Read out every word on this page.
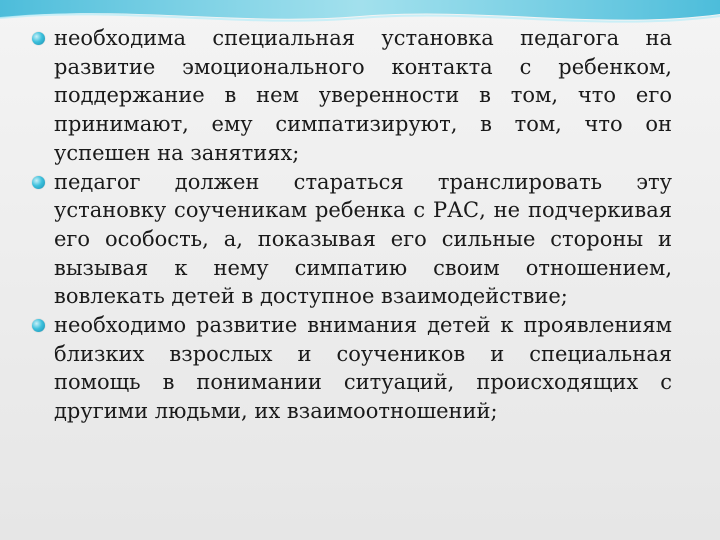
необходима специальная установка педагога на развитие эмоционального контакта с ребенком, поддержание в нем уверенности в том, что его принимают, ему симпатизируют, в том, что он успешен на занятиях;
педагог должен стараться транслировать эту установку соученикам ребенка с РАС, не подчеркивая его особость, а, показывая его сильные стороны и вызывая к нему симпатию своим отношением, вовлекать детей в доступное взаимодействие;
необходимо развитие внимания детей к проявлениям близких взрослых и соучеников и специальная помощь в понимании ситуаций, происходящих с другими людьми, их взаимоотношений;
